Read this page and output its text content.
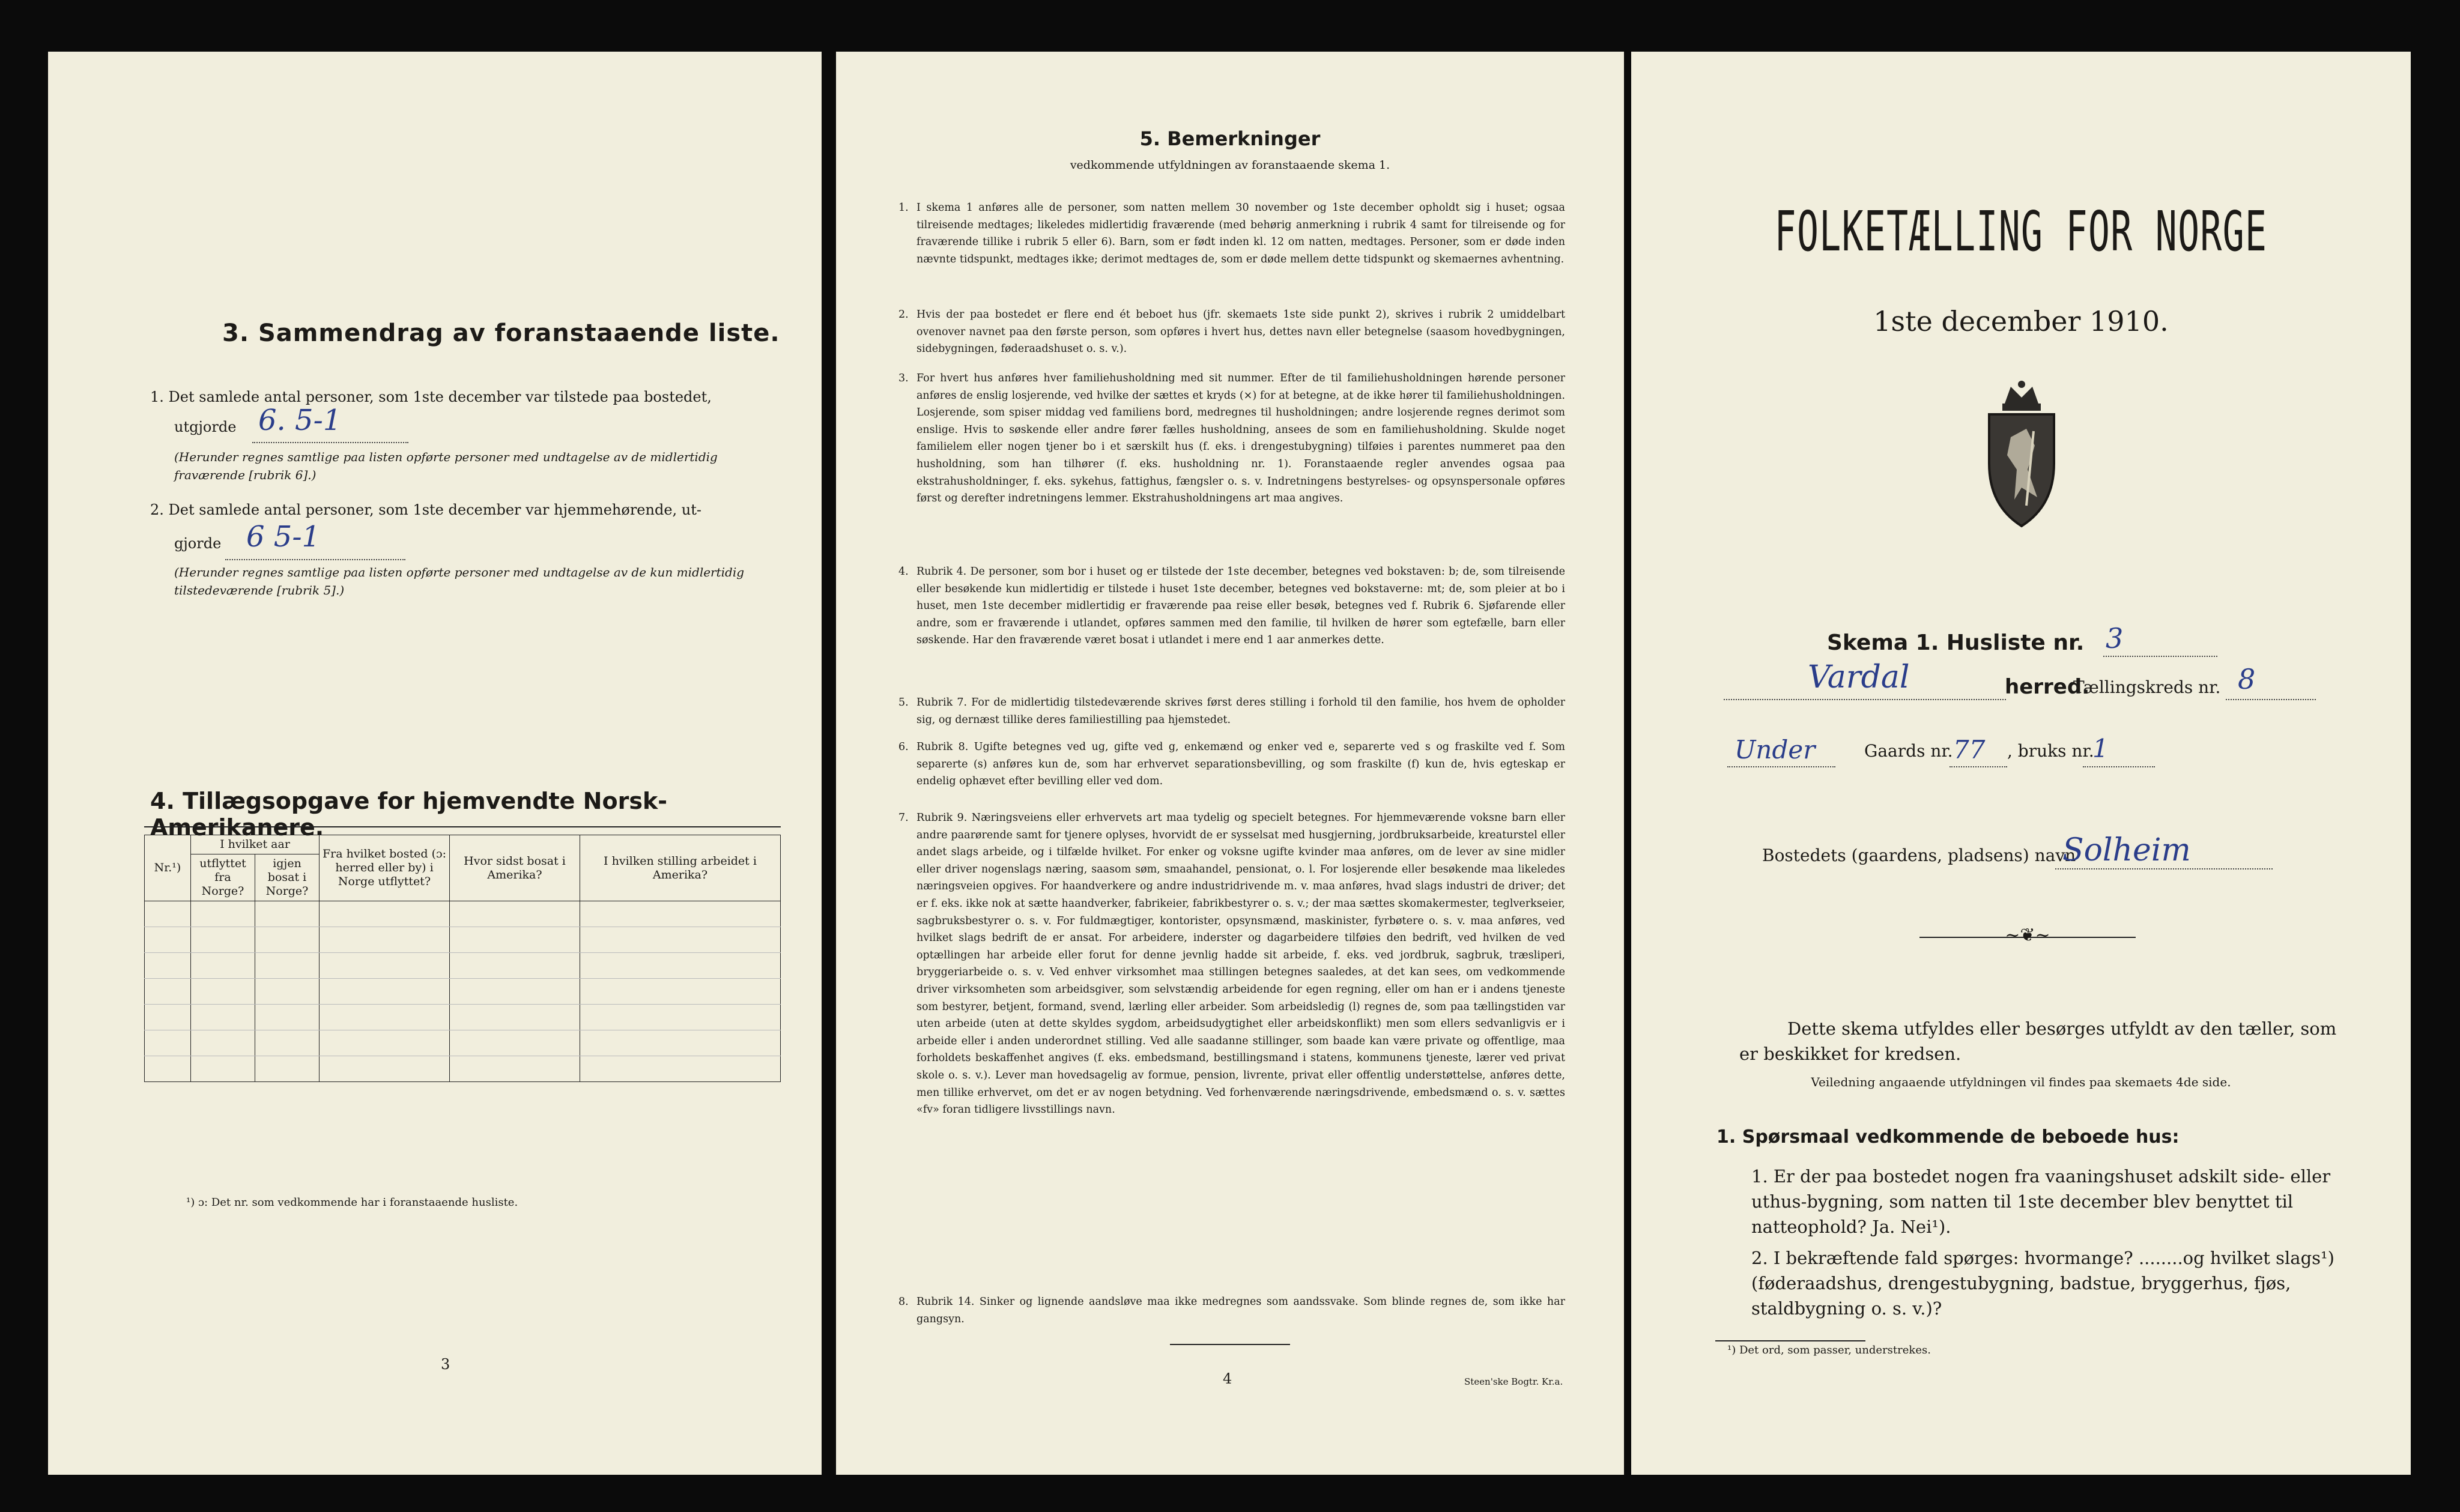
3. Sammendrag av foranstaaende liste.
1. Det samlede antal personer, som 1ste december var tilstede paa bostedet,
utgjorde 6. 5-1
(Herunder regnes samtlige paa listen opførte personer med undtagelse av de midlertidig fraværende [rubrik 6].)
2. Det samlede antal personer, som 1ste december var hjemmehørende, ut-
gjorde 6 5-1
(Herunder regnes samtlige paa listen opførte personer med undtagelse av de kun midlertidig tilstedeværende [rubrik 5].)
4. Tillægsopgave for hjemvendte Norsk-Amerikanere.
Nr.¹)	I hvilket aar		Fra hvilket bosted (ɔ: herred eller by) i Norge utflyttet?	Hvor sidst bosat i Amerika?	I hvilken stilling arbeidet i Amerika?
	utflyttet fra Norge?	igjen bosat i Norge?			

¹) ɔ: Det nr. som vedkommende har i foranstaaende husliste.
3
5. Bemerkninger
vedkommende utfyldningen av foranstaaende skema 1.

1. I skema 1 anføres alle de personer, som natten mellem 30 november og 1ste december opholdt sig i huset; ogsaa tilreisende medtages; likeledes midlertidig fraværende (med behørig anmerkning i rubrik 4 samt for tilreisende og for fraværende tillike i rubrik 5 eller 6). Barn, som er født inden kl. 12 om natten, medtages. Personer, som er døde inden nævnte tidspunkt, medtages ikke; derimot medtages de, som er døde mellem dette tidspunkt og skemaernes avhentning.

2. Hvis der paa bostedet er flere end ét beboet hus (jfr. skemaets 1ste side punkt 2), skrives i rubrik 2 umiddelbart ovenover navnet paa den første person, som opføres i hvert hus, dettes navn eller betegnelse (saasom hovedbygningen, sidebygningen, føderaadshuset o. s. v.).

3. For hvert hus anføres hver familiehusholdning med sit nummer. Efter de til familiehusholdningen hørende personer anføres de enslig losjerende, ved hvilke der sættes et kryds (×) for at betegne, at de ikke hører til familiehusholdningen. Losjerende, som spiser middag ved familiens bord, medregnes til husholdningen; andre losjerende regnes derimot som enslige. Hvis to søskende eller andre fører fælles husholdning, ansees de som en familiehusholdning. Skulde noget familielem eller nogen tjener bo i et særskilt hus (f. eks. i drengestubygning) tilføies i parentes nummeret paa den husholdning, som han tilhører (f. eks. husholdning nr. 1). Foranstaaende regler anvendes ogsaa paa ekstrahusholdninger, f. eks. sykehus, fattighus, fængsler o. s. v. Indretningens bestyrelses- og opsynspersonale opføres først og derefter indretningens lemmer. Ekstrahusholdningens art maa angives.

4. Rubrik 4. De personer, som bor i huset og er tilstede der 1ste december, betegnes ved bokstaven: b; de, som tilreisende eller besøkende kun midlertidig er tilstede i huset 1ste december, betegnes ved bokstaverne: mt; de, som pleier at bo i huset, men 1ste december midlertidig er fraværende paa reise eller besøk, betegnes ved f. Rubrik 6. Sjøfarende eller andre, som er fraværende i utlandet, opføres sammen med den familie, til hvilken de hører som egtefælle, barn eller søskende. Har den fraværende været bosat i utlandet i mere end 1 aar anmerkes dette.

5. Rubrik 7. For de midlertidig tilstedeværende skrives først deres stilling i forhold til den familie, hos hvem de opholder sig, og dernæst tillike deres familiestilling paa hjemstedet.

6. Rubrik 8. Ugifte betegnes ved ug, gifte ved g, enkemænd og enker ved e, separerte ved s og fraskilte ved f. Som separerte (s) anføres kun de, som har erhvervet separationsbevilling, og som fraskilte (f) kun de, hvis egteskap er endelig ophævet efter bevilling eller ved dom.

7. Rubrik 9. Næringsveiens eller erhvervets art maa tydelig og specielt betegnes. For hjemmeværende voksne barn eller andre paarørende samt for tjenere oplyses, hvorvidt de er sysselsat med husgjerning, jordbruksarbeide, kreaturstel eller andet slags arbeide, og i tilfælde hvilket. For enker og voksne ugifte kvinder maa anføres, om de lever av sine midler eller driver nogenslags næring, saasom søm, smaahandel, pensionat, o. l. For losjerende eller besøkende maa likeledes næringsveien opgives. For haandverkere og andre industridrivende m. v. maa anføres, hvad slags industri de driver; det er f. eks. ikke nok at sætte haandverker, fabrikeier, fabrikbestyrer o. s. v.; der maa sættes skomakermester, teglverkseier, sagbruksbestyrer o. s. v. For fuldmægtiger, kontorister, opsynsmænd, maskinister, fyrbøtere o. s. v. maa anføres, ved hvilket slags bedrift de er ansat. For arbeidere, inderster og dagarbeidere tilføies den bedrift, ved hvilken de ved optællingen har arbeide eller forut for denne jevnlig hadde sit arbeide, f. eks. ved jordbruk, sagbruk, træsliperi, bryggeriarbeide o. s. v. Ved enhver virksomhet maa stillingen betegnes saaledes, at det kan sees, om vedkommende driver virksomheten som arbeidsgiver, som selvstændig arbeidende for egen regning, eller om han er i andens tjeneste som bestyrer, betjent, formand, svend, lærling eller arbeider. Som arbeidsledig (l) regnes de, som paa tællingstiden var uten arbeide (uten at dette skyldes sygdom, arbeidsudygtighet eller arbeidskonflikt) men som ellers sedvanligvis er i arbeide eller i anden underordnet stilling. Ved alle saadanne stillinger, som baade kan være private og offentlige, maa forholdets beskaffenhet angives (f. eks. embedsmand, bestillingsmand i statens, kommunens tjeneste, lærer ved privat skole o. s. v.). Lever man hovedsagelig av formue, pension, livrente, privat eller offentlig understøttelse, anføres dette, men tillike erhvervet, om det er av nogen betydning. Ved forhenværende næringsdrivende, embedsmænd o. s. v. sættes «fv» foran tidligere livsstillings navn.

8. Rubrik 14. Sinker og lignende aandsløve maa ikke medregnes som aandssvake. Som blinde regnes de, som ikke har gangsyn.

4	Steen'ske Bogtr. Kr.a.
FOLKETÆLLING FOR NORGE
1ste december 1910.
Skema 1. Husliste nr. 3
Vardal	herred.
Tællingskreds nr. 8
Under	Gaards nr. 77 , bruks nr.
1
Bostedets (gaardens, pladsens) navn
Solheim
~❦~
Dette skema utfyldes eller besørges utfyldt av den tæller, som er beskikket for kredsen.
Veiledning angaaende utfyldningen vil findes paa skemaets 4de side.
1. Spørsmaal vedkommende de beboede hus:
1. Er der paa bostedet nogen fra vaaningshuset adskilt side- eller uthus-bygning, som natten til 1ste december blev benyttet til natteophold? Ja. Nei¹).
2. I bekræftende fald spørges: hvormange? ........og hvilket slags¹) (føderaadshus, drengestubygning, badstue, bryggerhus, fjøs, staldbygning o. s. v.)?
¹) Det ord, som passer, understrekes.
